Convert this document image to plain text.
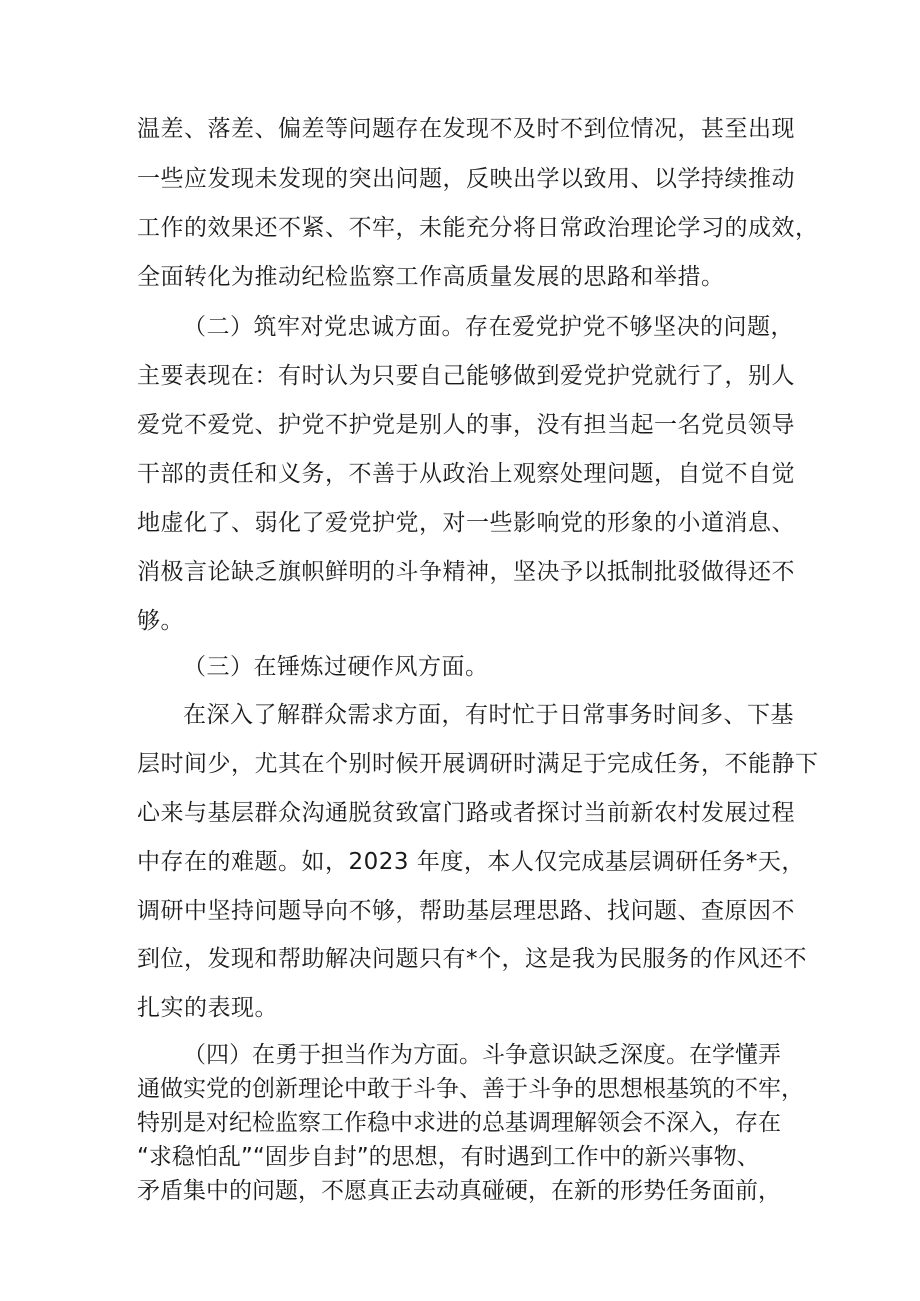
温差、落差、偏差等问题存在发现不及时不到位情况，甚至出现

一些应发现未发现的突出问题，反映出学以致用、以学持续推动

工作的效果还不紧、不牢，未能充分将日常政治理论学习的成效，

全面转化为推动纪检监察工作高质量发展的思路和举措。

（二）筑牢对党忠诚方面。存在爱党护党不够坚决的问题，

主要表现在：有时认为只要自己能够做到爱党护党就行了，别人

爱党不爱党、护党不护党是别人的事，没有担当起一名党员领导

干部的责任和义务，不善于从政治上观察处理问题，自觉不自觉

地虚化了、弱化了爱党护党，对一些影响党的形象的小道消息、

消极言论缺乏旗帜鲜明的斗争精神，坚决予以抵制批驳做得还不

够。

（三）在锤炼过硬作风方面。

在深入了解群众需求方面，有时忙于日常事务时间多、下基

层时间少，尤其在个别时候开展调研时满足于完成任务，不能静下

心来与基层群众沟通脱贫致富门路或者探讨当前新农村发展过程

中存在的难题。如，2023 年度，本人仅完成基层调研任务*天，

调研中坚持问题导向不够，帮助基层理思路、找问题、查原因不

到位，发现和帮助解决问题只有*个，这是我为民服务的作风还不

扎实的表现。

（四）在勇于担当作为方面。斗争意识缺乏深度。在学懂弄

通做实党的创新理论中敢于斗争、善于斗争的思想根基筑的不牢，

特别是对纪检监察工作稳中求进的总基调理解领会不深入，存在

“求稳怕乱”“固步自封”的思想，有时遇到工作中的新兴事物、

矛盾集中的问题，不愿真正去动真碰硬，在新的形势任务面前，
